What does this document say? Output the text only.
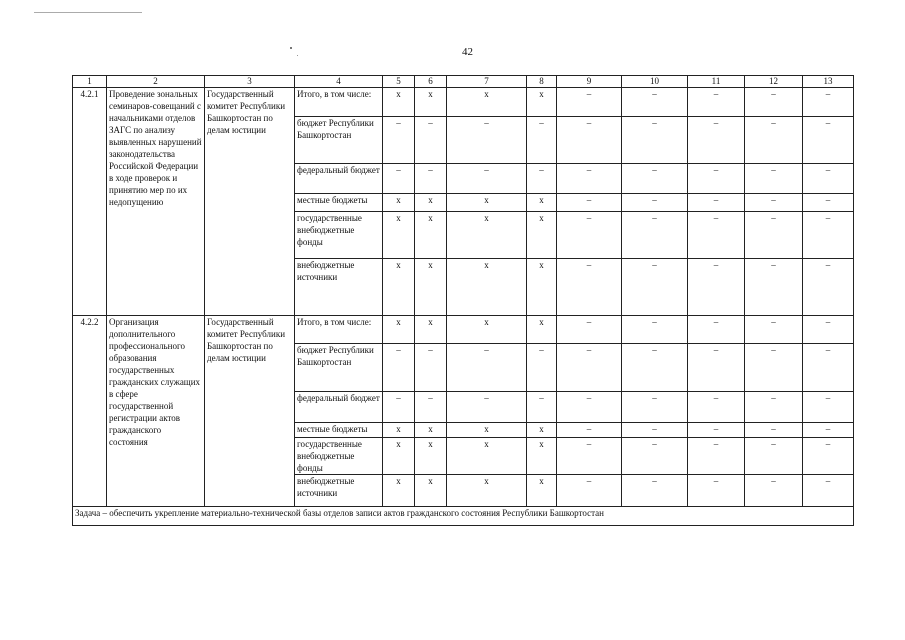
42
1	2	3	4	5	6	7	8	9	10	11	12	13
4.2.1	Проведение зональных семинаров-совещаний с начальниками отделов ЗАГС по анализу выявленных нарушений законодательства Российской Федерации в ходе проверок и принятию мер по их недопущению	Государственный комитет Республики Башкортостан по делам юстиции	Итого, в том числе:	х	х	х	х	–	–	–	–	–
			бюджет Республики Башкортостан	–	–	–	–	–	–	–	–	–
			федеральный бюджет	–	–	–	–	–	–	–	–	–
			местные бюджеты	х	х	х	х	–	–	–	–	–
			государственные внебюджетные фонды	х	х	х	х	–	–	–	–	–
			внебюджетные источники	х	х	х	х	–	–	–	–	–
4.2.2	Организация дополнительного профессионального образования государственных гражданских служащих в сфере государственной регистрации актов гражданского состояния	Государственный комитет Республики Башкортостан по делам юстиции	Итого, в том числе:	х	х	х	х	–	–	–	–	–
			бюджет Республики Башкортостан	–	–	–	–	–	–	–	–	–
			федеральный бюджет	–	–	–	–	–	–	–	–	–
			местные бюджеты	х	х	х	х	–	–	–	–	–
			государственные внебюджетные фонды	х	х	х	х	–	–	–	–	–
			внебюджетные источники	х	х	х	х	–	–	–	–	–
Задача – обеспечить укрепление материально-технической базы отделов записи актов гражданского состояния Республики Башкортостан												
